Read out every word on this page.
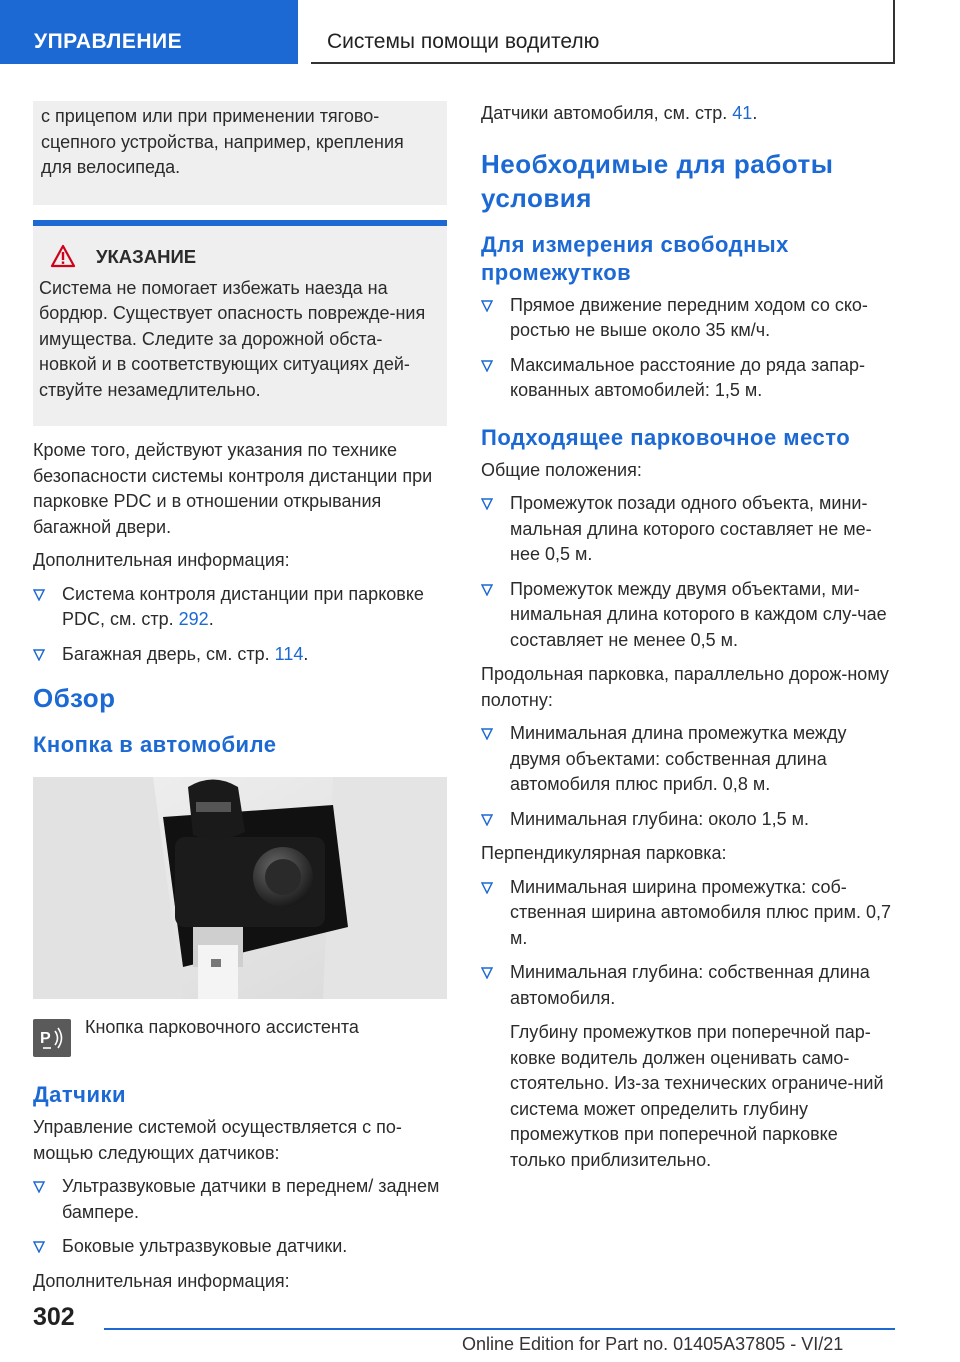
УПРАВЛЕНИЕ	Системы помощи водителю
с прицепом или при применении тягово-сцепного устройства, например, крепления для велосипеда.
УКАЗАНИЕ
Система не помогает избежать наезда на бордюр. Существует опасность поврежде-ния имущества. Следите за дорожной обста-новкой и в соответствующих ситуациях дей-ствуйте незамедлительно.
Кроме того, действуют указания по технике безопасности системы контроля дистанции при парковке PDC и в отношении открывания багажной двери.
Дополнительная информация:
Система контроля дистанции при парковке PDC, см. стр. 292.
Багажная дверь, см. стр. 114.
Обзор
Кнопка в автомобиле
P
Кнопка парковочного ассистента
Датчики
Управление системой осуществляется с по-мощью следующих датчиков:
Ультразвуковые датчики в переднем/ заднем бампере.
Боковые ультразвуковые датчики.
Дополнительная информация:
Датчики автомобиля, см. стр. 41.
Необходимые для работы условия
Для измерения свободных промежутков
Прямое движение передним ходом со ско-ростью не выше около 35 км/ч.
Максимальное расстояние до ряда запар-кованных автомобилей: 1,5 м.
Подходящее парковочное место
Общие положения:
Промежуток позади одного объекта, мини-мальная длина которого составляет не ме-нее 0,5 м.
Промежуток между двумя объектами, ми-нимальная длина которого в каждом слу-чае составляет не менее 0,5 м.
Продольная парковка, параллельно дорож-ному полотну:
Минимальная длина промежутка между двумя объектами: собственная длина автомобиля плюс прибл. 0,8 м.
Минимальная глубина: около 1,5 м.
Перпендикулярная парковка:
Минимальная ширина промежутка: соб-ственная ширина автомобиля плюс прим. 0,7 м.
Минимальная глубина: собственная длина автомобиля.
Глубину промежутков при поперечной пар-ковке водитель должен оценивать само-стоятельно. Из-за технических ограниче-ний система может определить глубину промежутков при поперечной парковке только приблизительно.
302
Online Edition for Part no. 01405A37805 - VI/21
